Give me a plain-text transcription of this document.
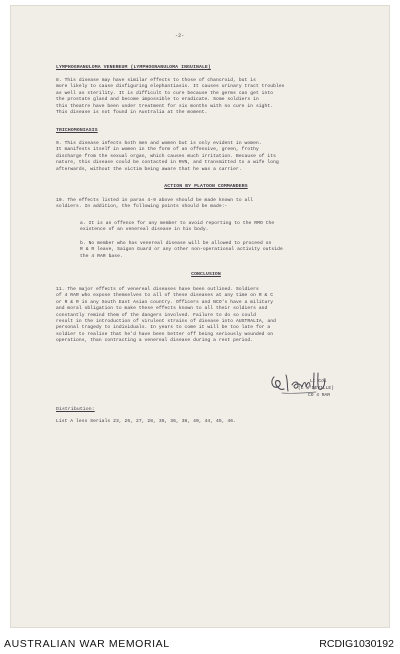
-2-
LYMPHOGRANULOMA VENEREUM (LYMPHOGRANULOMA INGUINALE)
8. This disease may have similar effects to those of chancroid, but is
more likely to cause disfiguring elephantiasis. It causes urinary tract troubles
as well as sterility. It is difficult to cure because the germs can get into
the prostate gland and become impossible to eradicate. Some soldiers in
this theatre have been under treatment for six months with no cure in sight.
This disease is not found in Australia at the moment.
TRICHOMONIASIS
9. This disease infects both men and women but is only evident in women.
It manifests itself in women in the form of an offensive, green, frothy
discharge from the sexual organ, which causes much irritation. Because of its
nature, this disease could be contacted in RVN, and transmitted to a wife long
afterwards, without the victim being aware that he was a carrier.
ACTION BY PLATOON COMMANDERS
10. The effects listed in paras 4-9 above should be made known to all
soldiers. In addition, the following points should be made:-
a. It is an offence for any member to avoid reporting to the RMO the
existence of an venereal disease in his body.
b. No member who has venereal disease will be allowed to proceed on
R & R leave, Saigon Guard or any other non-operational activity outside
the 4 RAR base.
CONCLUSION
11. The major effects of venereal diseases have been outlined. Soldiers
of 4 RAR who expose themselves to all of these diseases at any time on R & C
or R & R in any South East Asian country. Officers and NCO's have a military
and moral obligation to make these effects known to all their soldiers and
constantly remind them of the dangers involved. Failure to do so could
result in the introduction of virulent strains of disease into AUSTRALIA, and
personal tragedy to individuals. In years to come it will be too late for a
soldier to realise that he'd have been better off being seriously wounded on
operations, than contracting a venereal disease during a rest period.
Lt Col
(L W DEVILLE)
CO 4 RAR
Distribution:
List A less Serials 23, 26, 27, 28, 35, 36, 38, 40, 44, 45, 46.
AUSTRALIAN WAR MEMORIAL	RCDIG1030192
